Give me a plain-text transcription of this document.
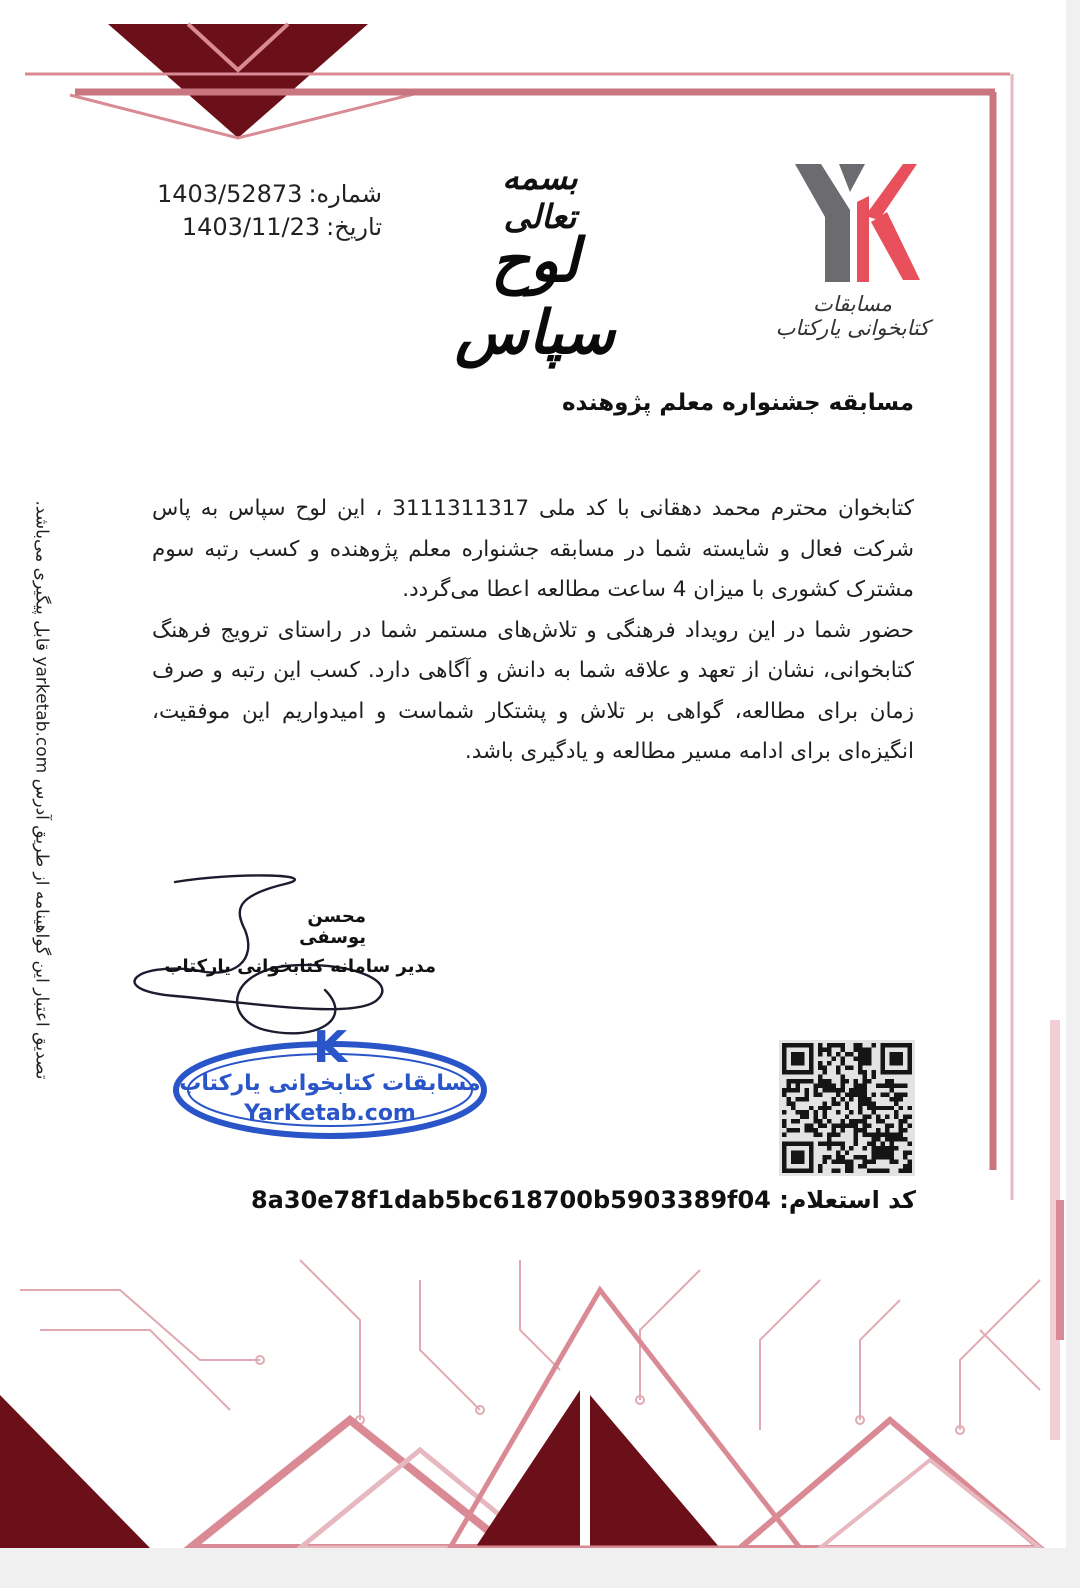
مسابقات کتابخوانی یارکتاب
بسمه تعالی
لوح سپاس
شماره:1403/52873
تاریخ:1403/11/23
مسابقه جشنواره معلم پژوهنده

کتابخوان محترم محمد دهقانی با کد ملی 3111311317 ، این لوح سپاس به پاس شرکت فعال و شایسته شما در مسابقه جشنواره معلم پژوهنده و کسب رتبه سوم مشترک کشوری با میزان 4 ساعت مطالعه اعطا می‌گردد.

حضور شما در این رویداد فرهنگی و تلاش‌های مستمر شما در راستای ترویج فرهنگ کتابخوانی، نشان از تعهد و علاقه شما به دانش و آگاهی دارد. کسب این رتبه و صرف زمان برای مطالعه، گواهی بر تلاش و پشتکار شماست و امیدواریم این موفقیت، انگیزه‌ای برای ادامه مسیر مطالعه و یادگیری باشد.

تصدیق اعتبار این گواهینامه از طریق آدرس yarketab.com قابل پیگیری می‌باشد.	محسن یوسفی
مدیر سامانه کتابخوانی یارکتاب
K
مسابقات کتابخوانی یارکتاب
YarKetab.com
کد استعلام: 8a30e78f1dab5bc618700b5903389f04
